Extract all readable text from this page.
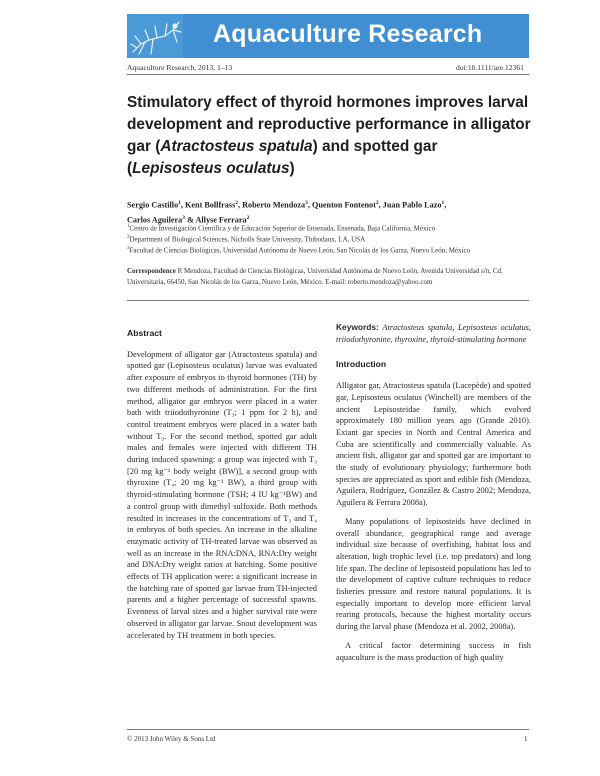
Aquaculture Research
Aquaculture Research, 2013, 1–13	doi:10.1111/are.12361
Stimulatory effect of thyroid hormones improves larval development and reproductive performance in alligator gar (Atractosteus spatula) and spotted gar (Lepisosteus oculatus)
Sergio Castillo$^1$, Kent Bollfrass$^2$, Roberto Mendoza$^3$, Quenton Fontenot$^2$, Juan Pablo Lazo$^1$,
Carlos Aguilera$^3$ & Allyse Ferrara$^2$
$^1$Centro de Investigación Científica y de Educación Superior de Ensenada, Ensenada, Baja California, México
$^2$Department of Biological Sciences, Nicholls State University, Thibodaux, LA, USA
$^3$Facultad de Ciencias Biológicas, Universidad Autónoma de Nuevo León, San Nicolás de los Garza, Nuevo León, México
Correspondence R Mendoza, Facultad de Ciencias Biológicas, Universidad Autónoma de Nuevo León, Avenida Universidad s/n, Cd. Universitaria, 66450, San Nicolás de los Garza, Nuevo León, México. E-mail: roberto.mendoza@yahoo.com
Abstract

Development of alligator gar (Atractosteus spatula) and spotted gar (Lepisosteus oculatus) larvae was evaluated after exposure of embryos to thyroid hormones (TH) by two different methods of administration. For the first method, alligator gar embryos were placed in a water bath with triiodothyronine (T₃; 1 ppm for 2 h), and control treatment embryos were placed in a water bath without T₃. For the second method, spotted gar adult males and females were injected with different TH during induced spawning: a group was injected with T₃ [20 mg kg⁻¹ body weight (BW)], a second group with thyroxine (T₄; 20 mg kg⁻¹ BW), a third group with thyroid-stimulating hormone (TSH; 4 IU kg⁻¹BW) and a control group with dimethyl sulfoxide. Both methods resulted in increases in the concentrations of T₃ and T₄ in embryos of both species. An increase in the alkaline enzymatic activity of TH-treated larvae was observed as well as an increase in the RNA:DNA, RNA:Dry weight and DNA:Dry weight ratios at hatching. Some positive effects of TH application were: a significant increase in the hatching rate of spotted gar larvae from TH-injected parents and a higher percentage of successful spawns. Evenness of larval sizes and a higher survival rate were observed in alligator gar larvae. Snout development was accelerated by TH treatment in both species.

Keywords: Atractosteus spatula, Lepisosteus oculatus, triiodothyronine, thyroxine, thyroid-stimulating hormone

Introduction

Alligator gar, Atractosteus spatula (Lacepède) and spotted gar, Lepisosteus oculatus (Winchell) are members of the ancient Lepisosteidae family, which evolved approximately 180 million years ago (Grande 2010). Extant gar species in North and Central America and Cuba are scientifically and commercially valuable. As ancient fish, alligator gar and spotted gar are important to the study of evolutionary physiology; furthermore both species are appreciated as sport and edible fish (Mendoza, Aguilera, Rodríguez, González & Castro 2002; Mendoza, Aguilera & Ferrara 2008a).

Many populations of lepisosteids have declined in overall abundance, geographical range and average individual size because of overfishing, habitat loss and alteration, high trophic level (i.e. top predators) and long life span. The decline of lepisosteid populations has led to the development of captive culture techniques to reduce fisheries pressure and restore natural populations. It is especially important to develop more efficient larval rearing protocols, because the highest mortality occurs during the larval phase (Mendoza et al. 2002, 2008a).

A critical factor determining success in fish aquaculture is the mass production of high quality

© 2013 John Wiley & Sons Ltd	1
